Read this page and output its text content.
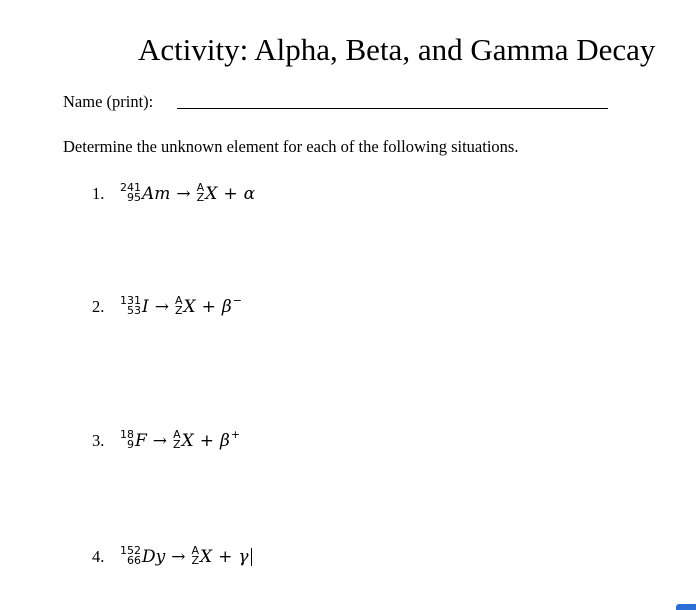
Activity: Alpha, Beta, and Gamma Decay
Name (print):
Determine the unknown element for each of the following situations.
1.	241
95 Am → A
Z X + α
2.	131
53 I → A
Z X + β −
3.	18
9 F → A
Z X + β +
4.	152
66 Dy → A
Z X + γ
